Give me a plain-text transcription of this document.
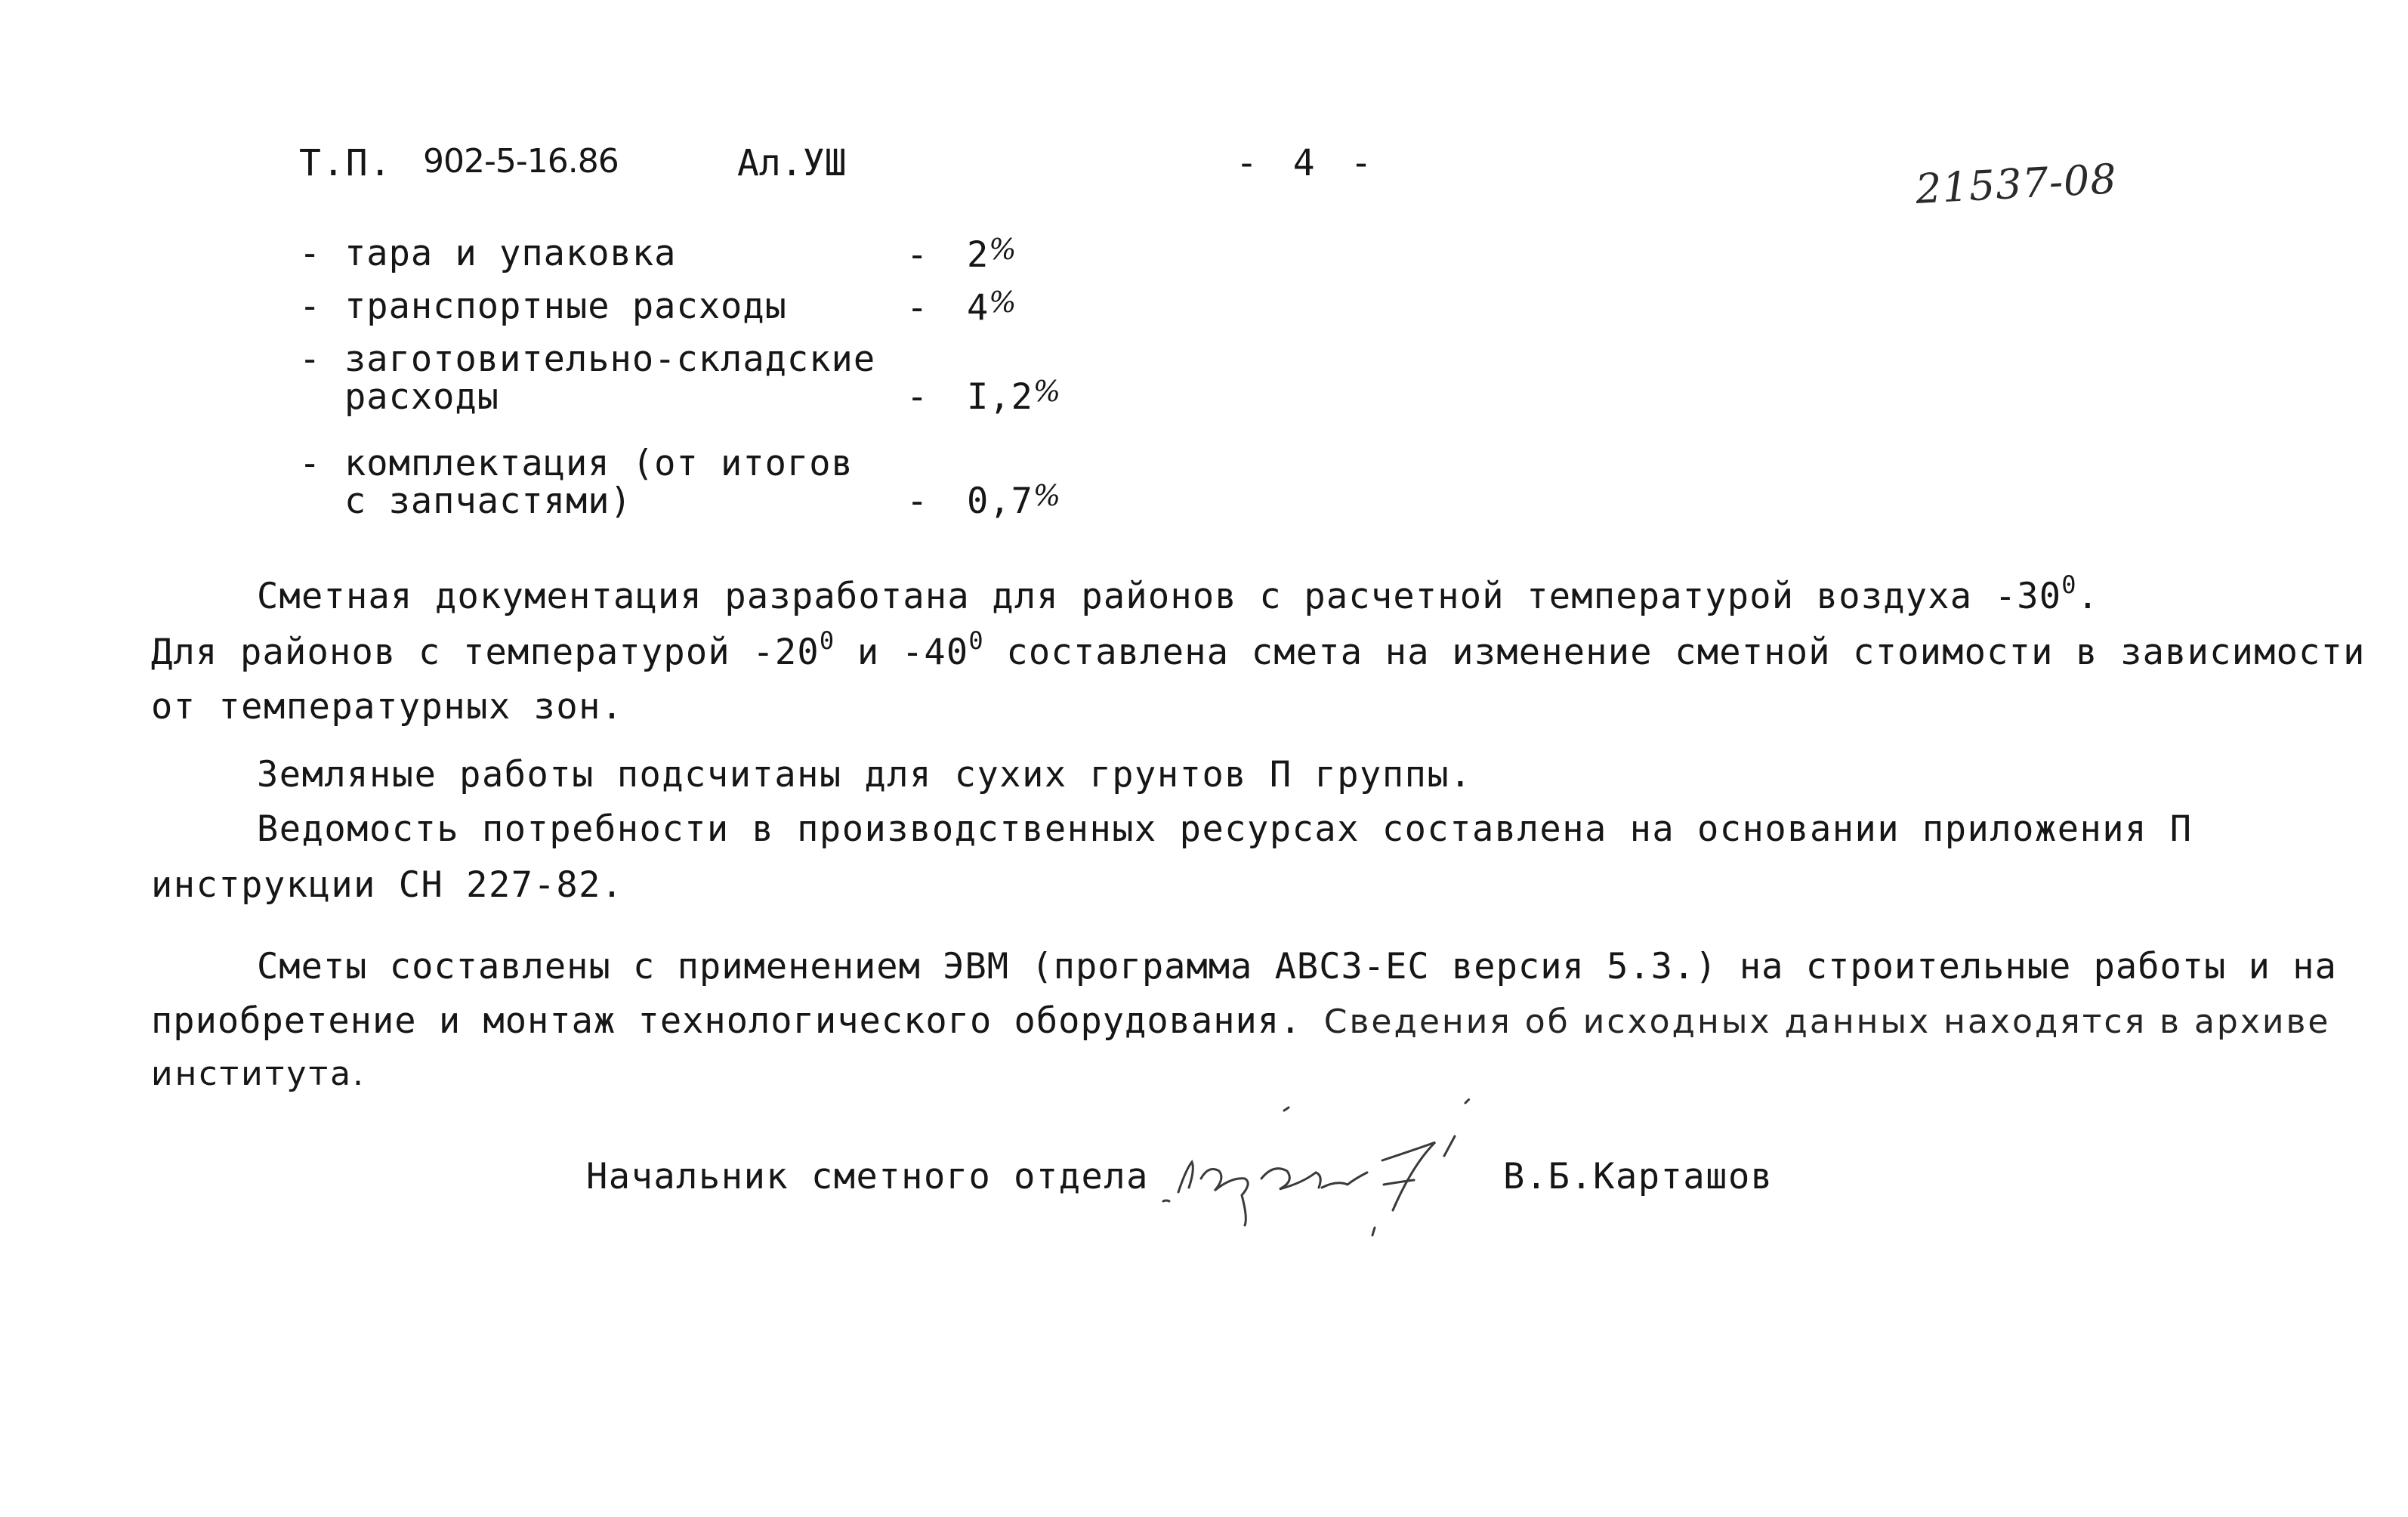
Т.П. 902-5-16.86	Ал.УШ	- 4 -	21537-08
- тара и упаковка	- 2%
- транспортные расходы	- 4%
- заготовительно-складские
расходы	- I,2%
- комплектация (от итогов
с запчастями)	- 0,7%
Сметная документация разработана для районов с расчетной температурой воздуха $-30^0$.
Для районов с температурой $-20^0$ и $-40^0$ составлена смета на изменение сметной стоимости в зависимости
от температурных зон.
Земляные работы подсчитаны для сухих грунтов П группы.
Ведомость потребности в производственных ресурсах составлена на основании приложения П
инструкции СН 227-82.
Сметы составлены с применением ЭВМ (программа АВСЗ-ЕС версия 5.3.) на строительные работы и на
приобретение и монтаж технологического оборудования. Сведения об исходных данных находятся в архиве
института.
Начальник сметного отдела	В.Б.Карташов
